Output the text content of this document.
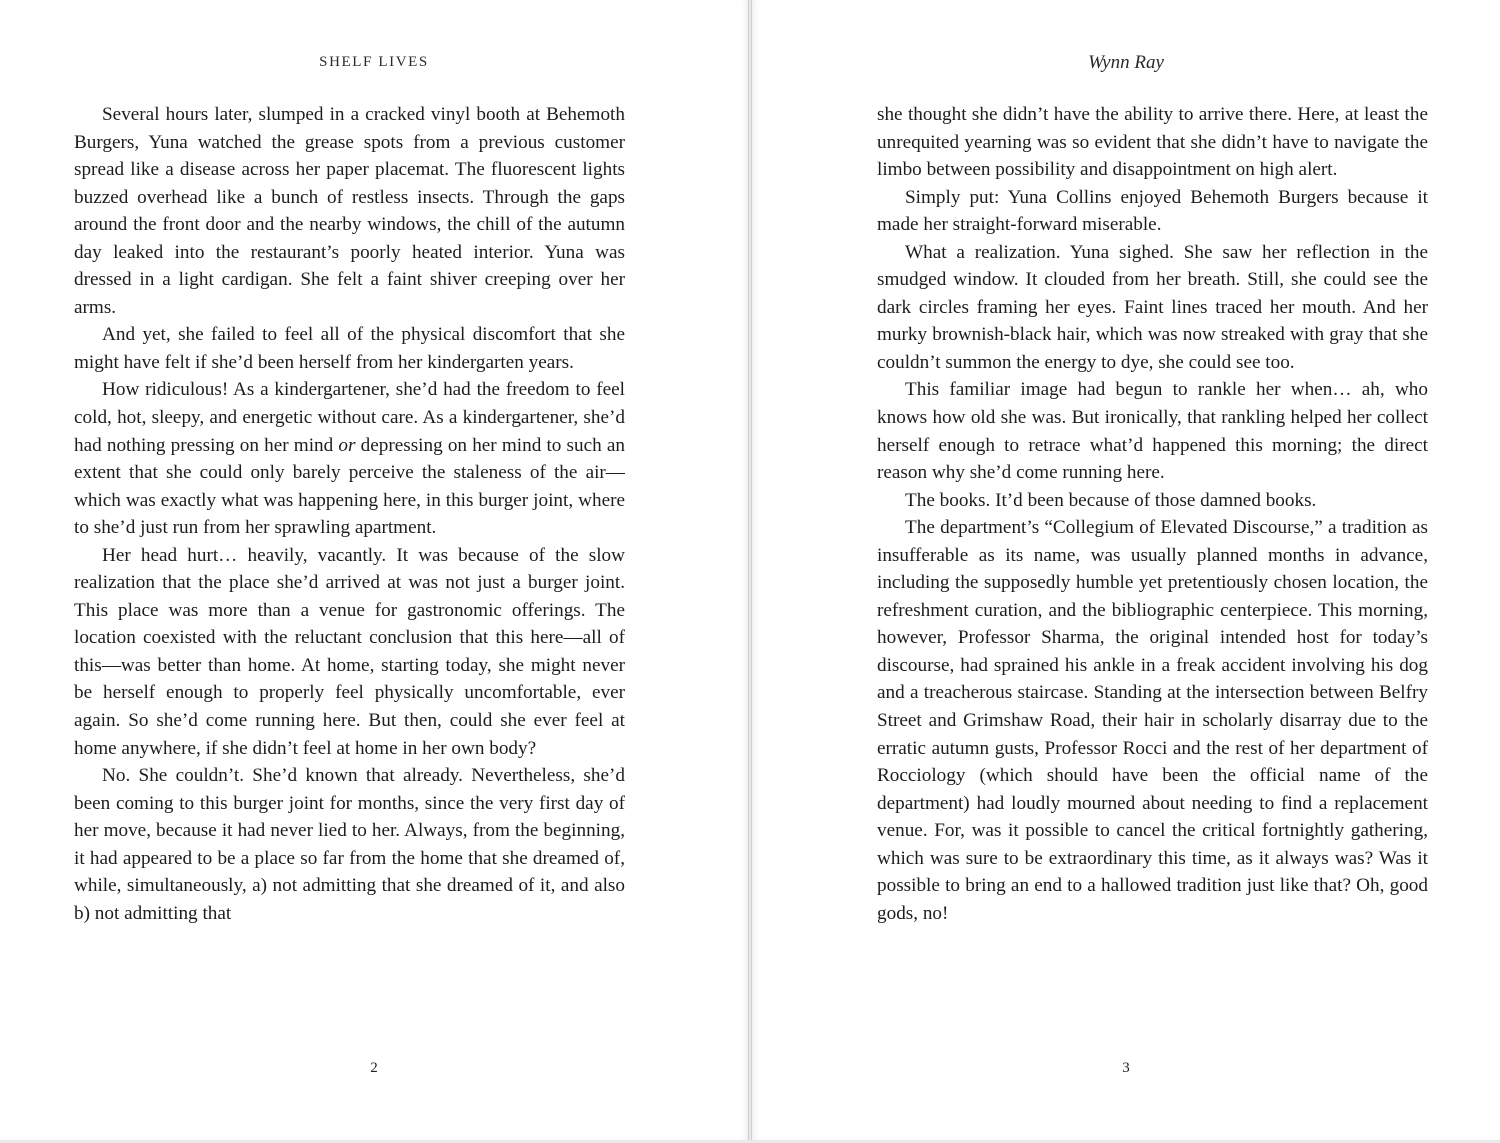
SHELF LIVES

Several hours later, slumped in a cracked vinyl booth at Behemoth Burgers, Yuna watched the grease spots from a previous customer spread like a disease across her paper placemat. The fluorescent lights buzzed overhead like a bunch of restless insects. Through the gaps around the front door and the nearby windows, the chill of the autumn day leaked into the restaurant’s poorly heated interior. Yuna was dressed in a light cardigan. She felt a faint shiver creeping over her arms.

And yet, she failed to feel all of the physical discomfort that she might have felt if she’d been herself from her kindergarten years.

How ridiculous! As a kindergartener, she’d had the freedom to feel cold, hot, sleepy, and energetic without care. As a kindergartener, she’d had nothing pressing on her mind or depressing on her mind to such an extent that she could only barely perceive the staleness of the air—which was exactly what was happening here, in this burger joint, where to she’d just run from her sprawling apartment.

Her head hurt… heavily, vacantly. It was because of the slow realization that the place she’d arrived at was not just a burger joint. This place was more than a venue for gastronomic offerings. The location coexisted with the reluctant conclusion that this here—all of this—was better than home. At home, starting today, she might never be herself enough to properly feel physically uncomfortable, ever again. So she’d come running here. But then, could she ever feel at home anywhere, if she didn’t feel at home in her own body?

No. She couldn’t. She’d known that already. Nevertheless, she’d been coming to this burger joint for months, since the very first day of her move, because it had never lied to her. Always, from the beginning, it had appeared to be a place so far from the home that she dreamed of, while, simultaneously, a) not admitting that she dreamed of it, and also b) not admitting that

2
Wynn Ray

she thought she didn’t have the ability to arrive there. Here, at least the unrequited yearning was so evident that she didn’t have to navigate the limbo between possibility and disappointment on high alert.

Simply put: Yuna Collins enjoyed Behemoth Burgers because it made her straight-forward miserable.

What a realization. Yuna sighed. She saw her reflection in the smudged window. It clouded from her breath. Still, she could see the dark circles framing her eyes. Faint lines traced her mouth. And her murky brownish-black hair, which was now streaked with gray that she couldn’t summon the energy to dye, she could see too.

This familiar image had begun to rankle her when… ah, who knows how old she was. But ironically, that rankling helped her collect herself enough to retrace what’d happened this morning; the direct reason why she’d come running here.

The books. It’d been because of those damned books.

The department’s “Collegium of Elevated Discourse,” a tradition as insufferable as its name, was usually planned months in advance, including the supposedly humble yet pretentiously chosen location, the refreshment curation, and the bibliographic centerpiece. This morning, however, Professor Sharma, the original intended host for today’s discourse, had sprained his ankle in a freak accident involving his dog and a treacherous staircase. Standing at the intersection between Belfry Street and Grimshaw Road, their hair in scholarly disarray due to the erratic autumn gusts, Professor Rocci and the rest of her department of Rocciology (which should have been the official name of the department) had loudly mourned about needing to find a replacement venue. For, was it possible to cancel the critical fortnightly gathering, which was sure to be extraordinary this time, as it always was? Was it possible to bring an end to a hallowed tradition just like that? Oh, good gods, no!

3
